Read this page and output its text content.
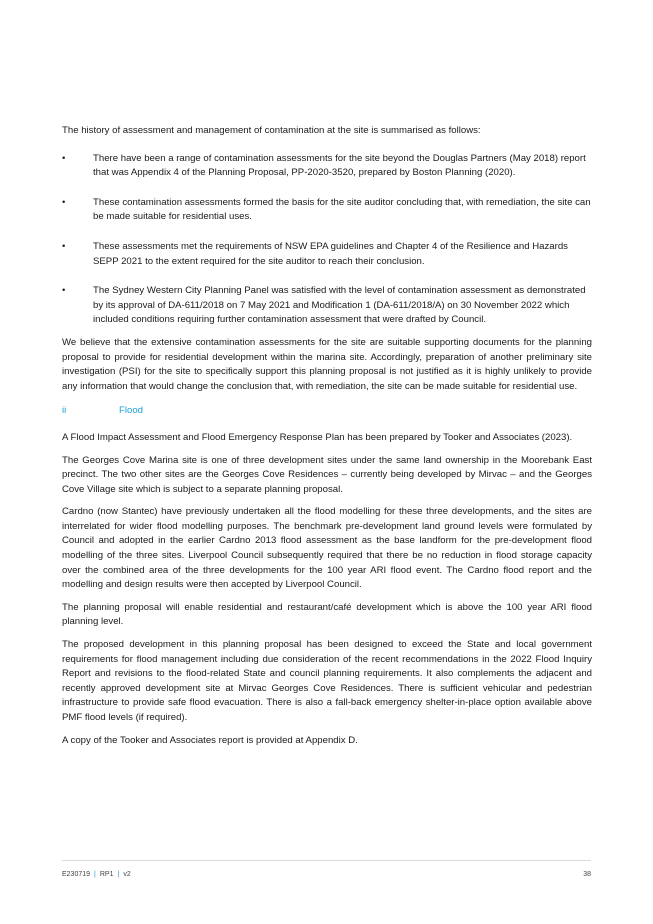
The history of assessment and management of contamination at the site is summarised as follows:

•	There have been a range of contamination assessments for the site beyond the Douglas Partners (May 2018) report that was Appendix 4 of the Planning Proposal, PP-2020-3520, prepared by Boston Planning (2020).
•	These contamination assessments formed the basis for the site auditor concluding that, with remediation, the site can be made suitable for residential uses.
•	These assessments met the requirements of NSW EPA guidelines and Chapter 4 of the Resilience and Hazards SEPP 2021 to the extent required for the site auditor to reach their conclusion.
•	The Sydney Western City Planning Panel was satisfied with the level of contamination assessment as demonstrated by its approval of DA-611/2018 on 7 May 2021 and Modification 1 (DA-611/2018/A) on 30 November 2022 which included conditions requiring further contamination assessment that were drafted by Council.

We believe that the extensive contamination assessments for the site are suitable supporting documents for the planning proposal to provide for residential development within the marina site. Accordingly, preparation of another preliminary site investigation (PSI) for the site to specifically support this planning proposal is not justified as it is highly unlikely to provide any information that would change the conclusion that, with remediation, the site can be made suitable for residential use.

ii	Flood

A Flood Impact Assessment and Flood Emergency Response Plan has been prepared by Tooker and Associates (2023).

The Georges Cove Marina site is one of three development sites under the same land ownership in the Moorebank East precinct. The two other sites are the Georges Cove Residences – currently being developed by Mirvac – and the Georges Cove Village site which is subject to a separate planning proposal.

Cardno (now Stantec) have previously undertaken all the flood modelling for these three developments, and the sites are interrelated for wider flood modelling purposes. The benchmark pre-development land ground levels were formulated by Council and adopted in the earlier Cardno 2013 flood assessment as the base landform for the pre-development flood modelling of the three sites. Liverpool Council subsequently required that there be no reduction in flood storage capacity over the combined area of the three developments for the 100 year ARI flood event. The Cardno flood report and the modelling and design results were then accepted by Liverpool Council.

The planning proposal will enable residential and restaurant/café development which is above the 100 year ARI flood planning level.

The proposed development in this planning proposal has been designed to exceed the State and local government requirements for flood management including due consideration of the recent recommendations in the 2022 Flood Inquiry Report and revisions to the flood-related State and council planning requirements. It also complements the adjacent and recently approved development site at Mirvac Georges Cove Residences. There is sufficient vehicular and pedestrian infrastructure to provide safe flood evacuation. There is also a fall-back emergency shelter-in-place option available above PMF flood levels (if required).

A copy of the Tooker and Associates report is provided at Appendix D.

E230719 | RP1 | v2	38
